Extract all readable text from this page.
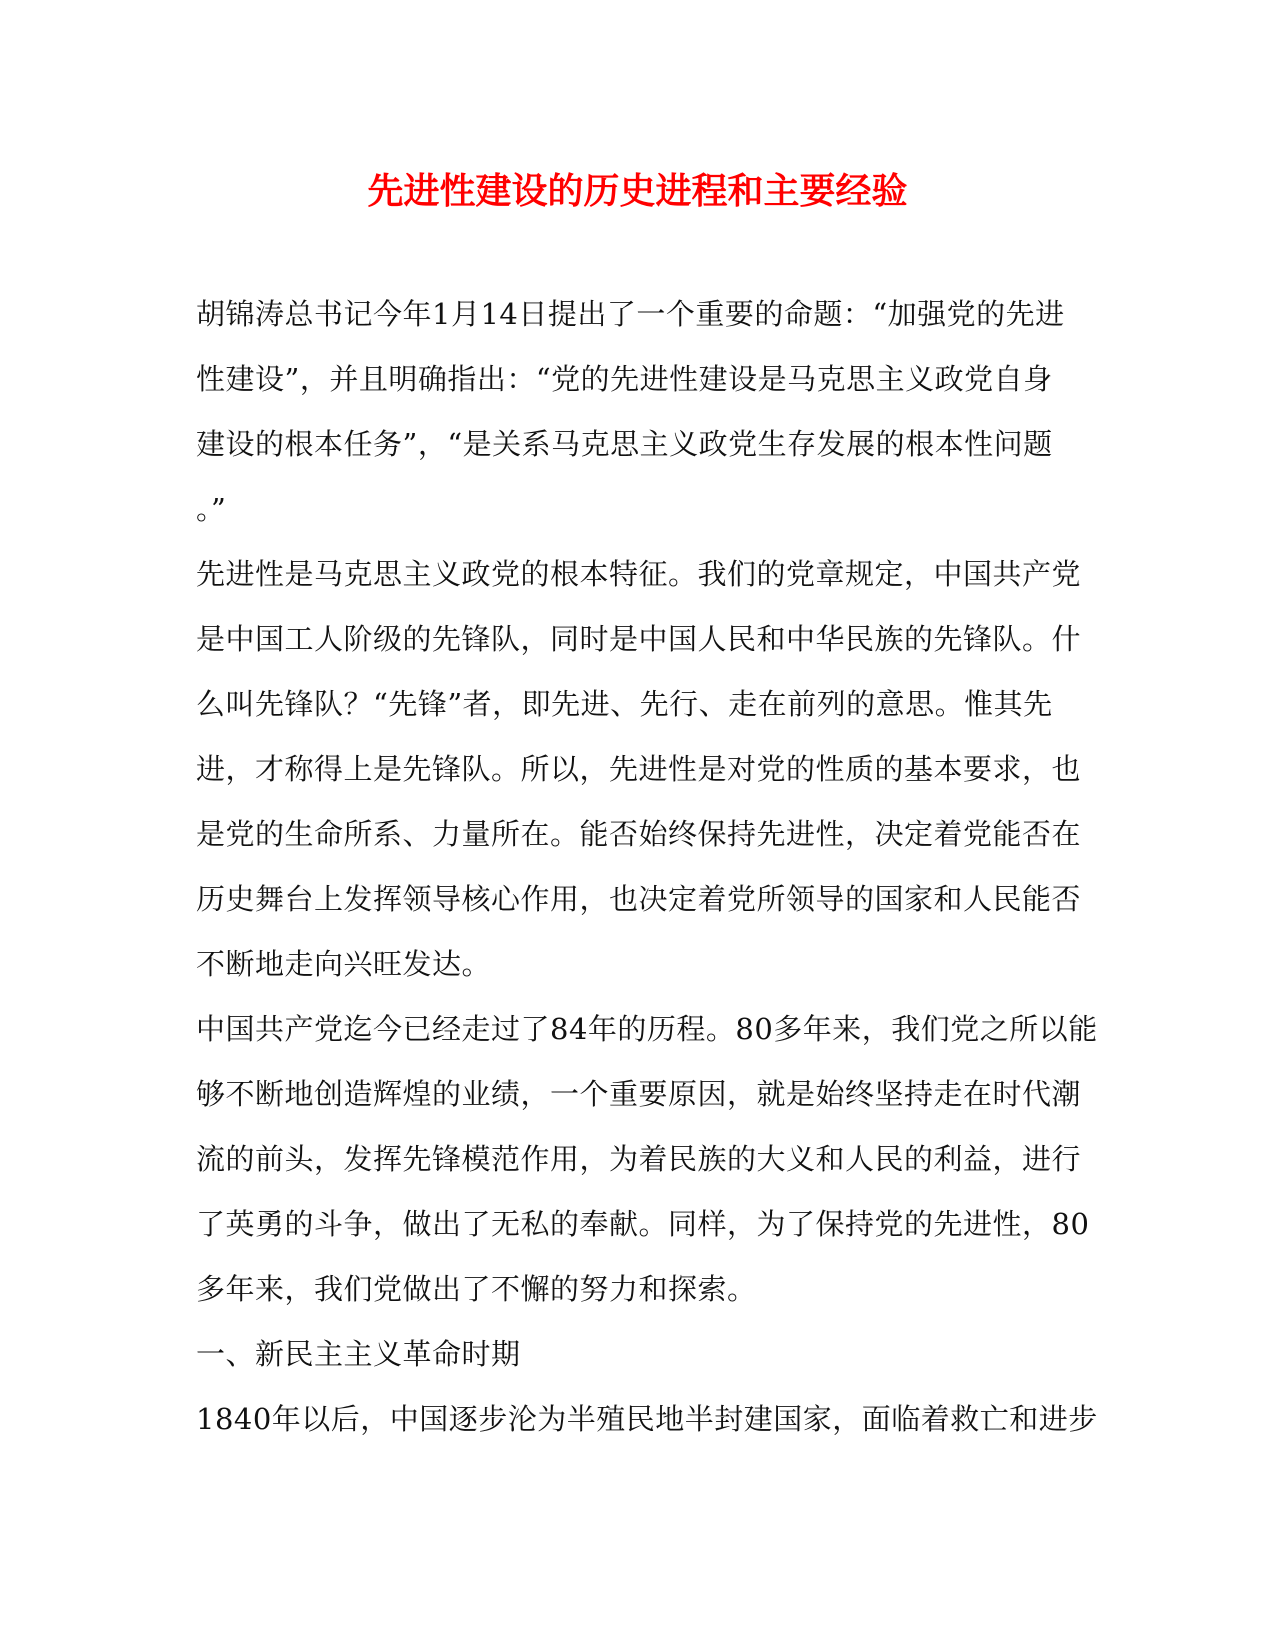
先进性建设的历史进程和主要经验

胡锦涛总书记今年1月14日提出了一个重要的命题：“加强党的先进
性建设”，并且明确指出：“党的先进性建设是马克思主义政党自身
建设的根本任务”，“是关系马克思主义政党生存发展的根本性问题
。”

先进性是马克思主义政党的根本特征。我们的党章规定，中国共产党
是中国工人阶级的先锋队，同时是中国人民和中华民族的先锋队。什
么叫先锋队？“先锋”者，即先进、先行、走在前列的意思。惟其先
进，才称得上是先锋队。所以，先进性是对党的性质的基本要求，也
是党的生命所系、力量所在。能否始终保持先进性，决定着党能否在
历史舞台上发挥领导核心作用，也决定着党所领导的国家和人民能否
不断地走向兴旺发达。

中国共产党迄今已经走过了84年的历程。80多年来，我们党之所以能
够不断地创造辉煌的业绩，一个重要原因，就是始终坚持走在时代潮
流的前头，发挥先锋模范作用，为着民族的大义和人民的利益，进行
了英勇的斗争，做出了无私的奉献。同样，为了保持党的先进性，80
多年来，我们党做出了不懈的努力和探索。

一、新民主主义革命时期

1840年以后，中国逐步沦为半殖民地半封建国家，面临着救亡和进步
